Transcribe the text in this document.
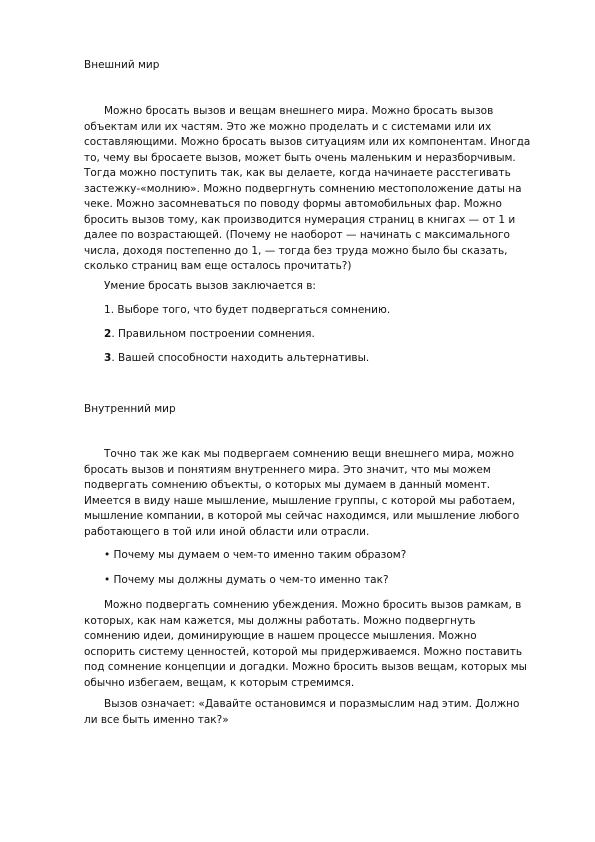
Внешний мир
Можно бросать вызов и вещам внешнего мира. Можно бросать вызов
объектам или их частям. Это же можно проделать и с системами или их
составляющими. Можно бросать вызов ситуациям или их компонентам. Иногда
то, чему вы бросаете вызов, может быть очень маленьким и неразборчивым.
Тогда можно поступить так, как вы делаете, когда начинаете расстегивать
застежку-«молнию». Можно подвергнуть сомнению местоположение даты на
чеке. Можно засомневаться по поводу формы автомобильных фар. Можно
бросить вызов тому, как производится нумерация страниц в книгах — от 1 и
далее по возрастающей. (Почему не наоборот — начинать с максимального
числа, доходя постепенно до 1, — тогда без труда можно было бы сказать,
сколько страниц вам еще осталось прочитать?)
Умение бросать вызов заключается в:
1. Выборе того, что будет подвергаться сомнению.
2. Правильном построении сомнения.
3. Вашей способности находить альтернативы.
Внутренний мир
Точно так же как мы подвергаем сомнению вещи внешнего мира, можно
бросать вызов и понятиям внутреннего мира. Это значит, что мы можем
подвергать сомнению объекты, о которых мы думаем в данный момент.
Имеется в виду наше мышление, мышление группы, с которой мы работаем,
мышление компании, в которой мы сейчас находимся, или мышление любого
работающего в той или иной области или отрасли.
• Почему мы думаем о чем-то именно таким образом?
• Почему мы должны думать о чем-то именно так?
Можно подвергать сомнению убеждения. Можно бросить вызов рамкам, в
которых, как нам кажется, мы должны работать. Можно подвергнуть
сомнению идеи, доминирующие в нашем процессе мышления. Можно
оспорить систему ценностей, которой мы придерживаемся. Можно поставить
под сомнение концепции и догадки. Можно бросить вызов вещам, которых мы
обычно избегаем, вещам, к которым стремимся.
Вызов означает: «Давайте остановимся и поразмыслим над этим. Должно
ли все быть именно так?»
